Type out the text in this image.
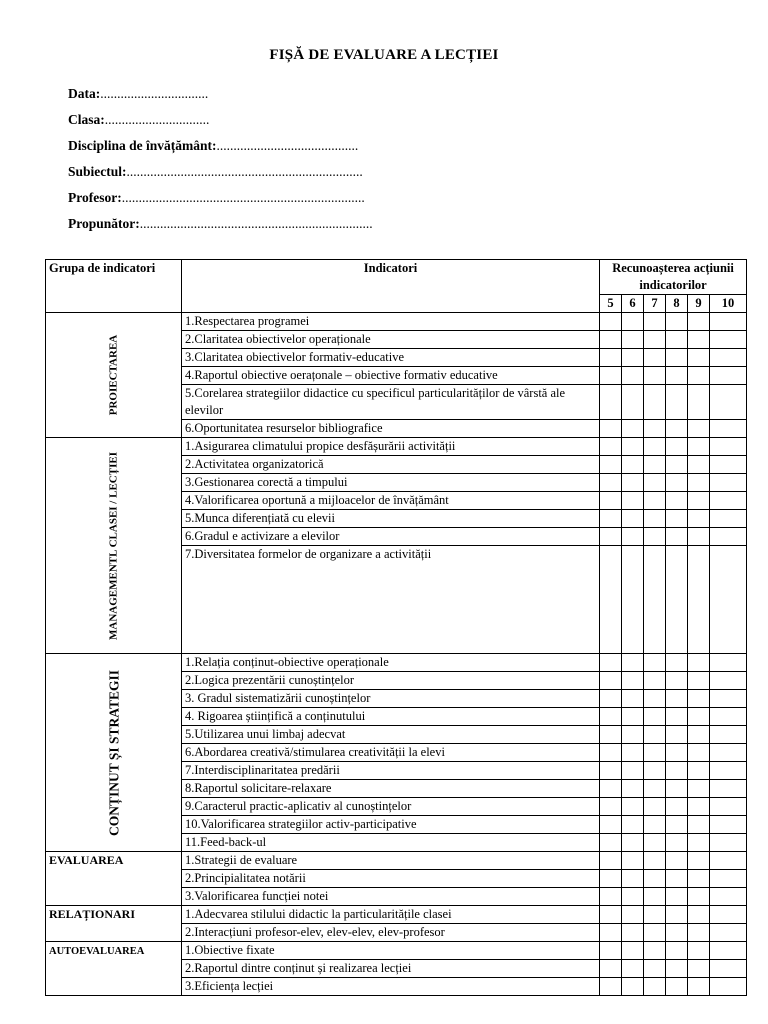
FIȘĂ DE EVALUARE A LECȚIEI
Data:................................
Clasa:...............................
Disciplina de învățământ:..........................................
Subiectul:......................................................................
Profesor:........................................................................
Propunător:.....................................................................
Grupa de indicatori	Indicatori	Recunoașterea acțiunii indicatorilor					
		5	6	7	8	9	10

PROIECTAREA	1.Respectarea programei						
	2.Claritatea obiectivelor operaționale						
	3.Claritatea obiectivelor formativ-educative						
	4.Raportul obiective oerațonale – obiective formativ educative						
	5.Corelarea strategiilor didactice cu specificul particularităților de vârstă ale elevilor						
	6.Oportunitatea resurselor bibliografice						

MANAGEMENTL CLASEI / LECȚIEI	1.Asigurarea climatului propice desfășurării activității						
	2.Activitatea organizatorică						
	3.Gestionarea corectă a timpului						
	4.Valorificarea oportună a mijloacelor de învățământ						
	5.Munca diferențiată cu elevii						
	6.Gradul e activizare a elevilor						
	7.Diversitatea formelor de organizare a activității						

CONȚINUT ȘI STRATEGII	1.Relația conținut-obiective operaționale						
	2.Logica prezentării cunoștințelor						
	3. Gradul sistematizării cunoștințelor						
	4. Rigoarea științifică a conținutului						
	5.Utilizarea unui limbaj adecvat						
	6.Abordarea creativă/stimularea creativității la elevi						
	7.Interdisciplinaritatea predării						
	8.Raportul solicitare-relaxare						
	9.Caracterul practic-aplicativ al cunoștințelor						
	10.Valorificarea strategiilor activ-participative						
	11.Feed-back-ul						
EVALUAREA	1.Strategii de evaluare						
	2.Principialitatea notării						
	3.Valorificarea funcției notei						
RELAȚIONARI	1.Adecvarea stilului didactic la particularitățile clasei						
	2.Interacțiuni profesor-elev, elev-elev, elev-profesor						
AUTOEVALUAREA	1.Obiective fixate						
	2.Raportul dintre conținut și realizarea lecției						
	3.Eficiența lecției						
